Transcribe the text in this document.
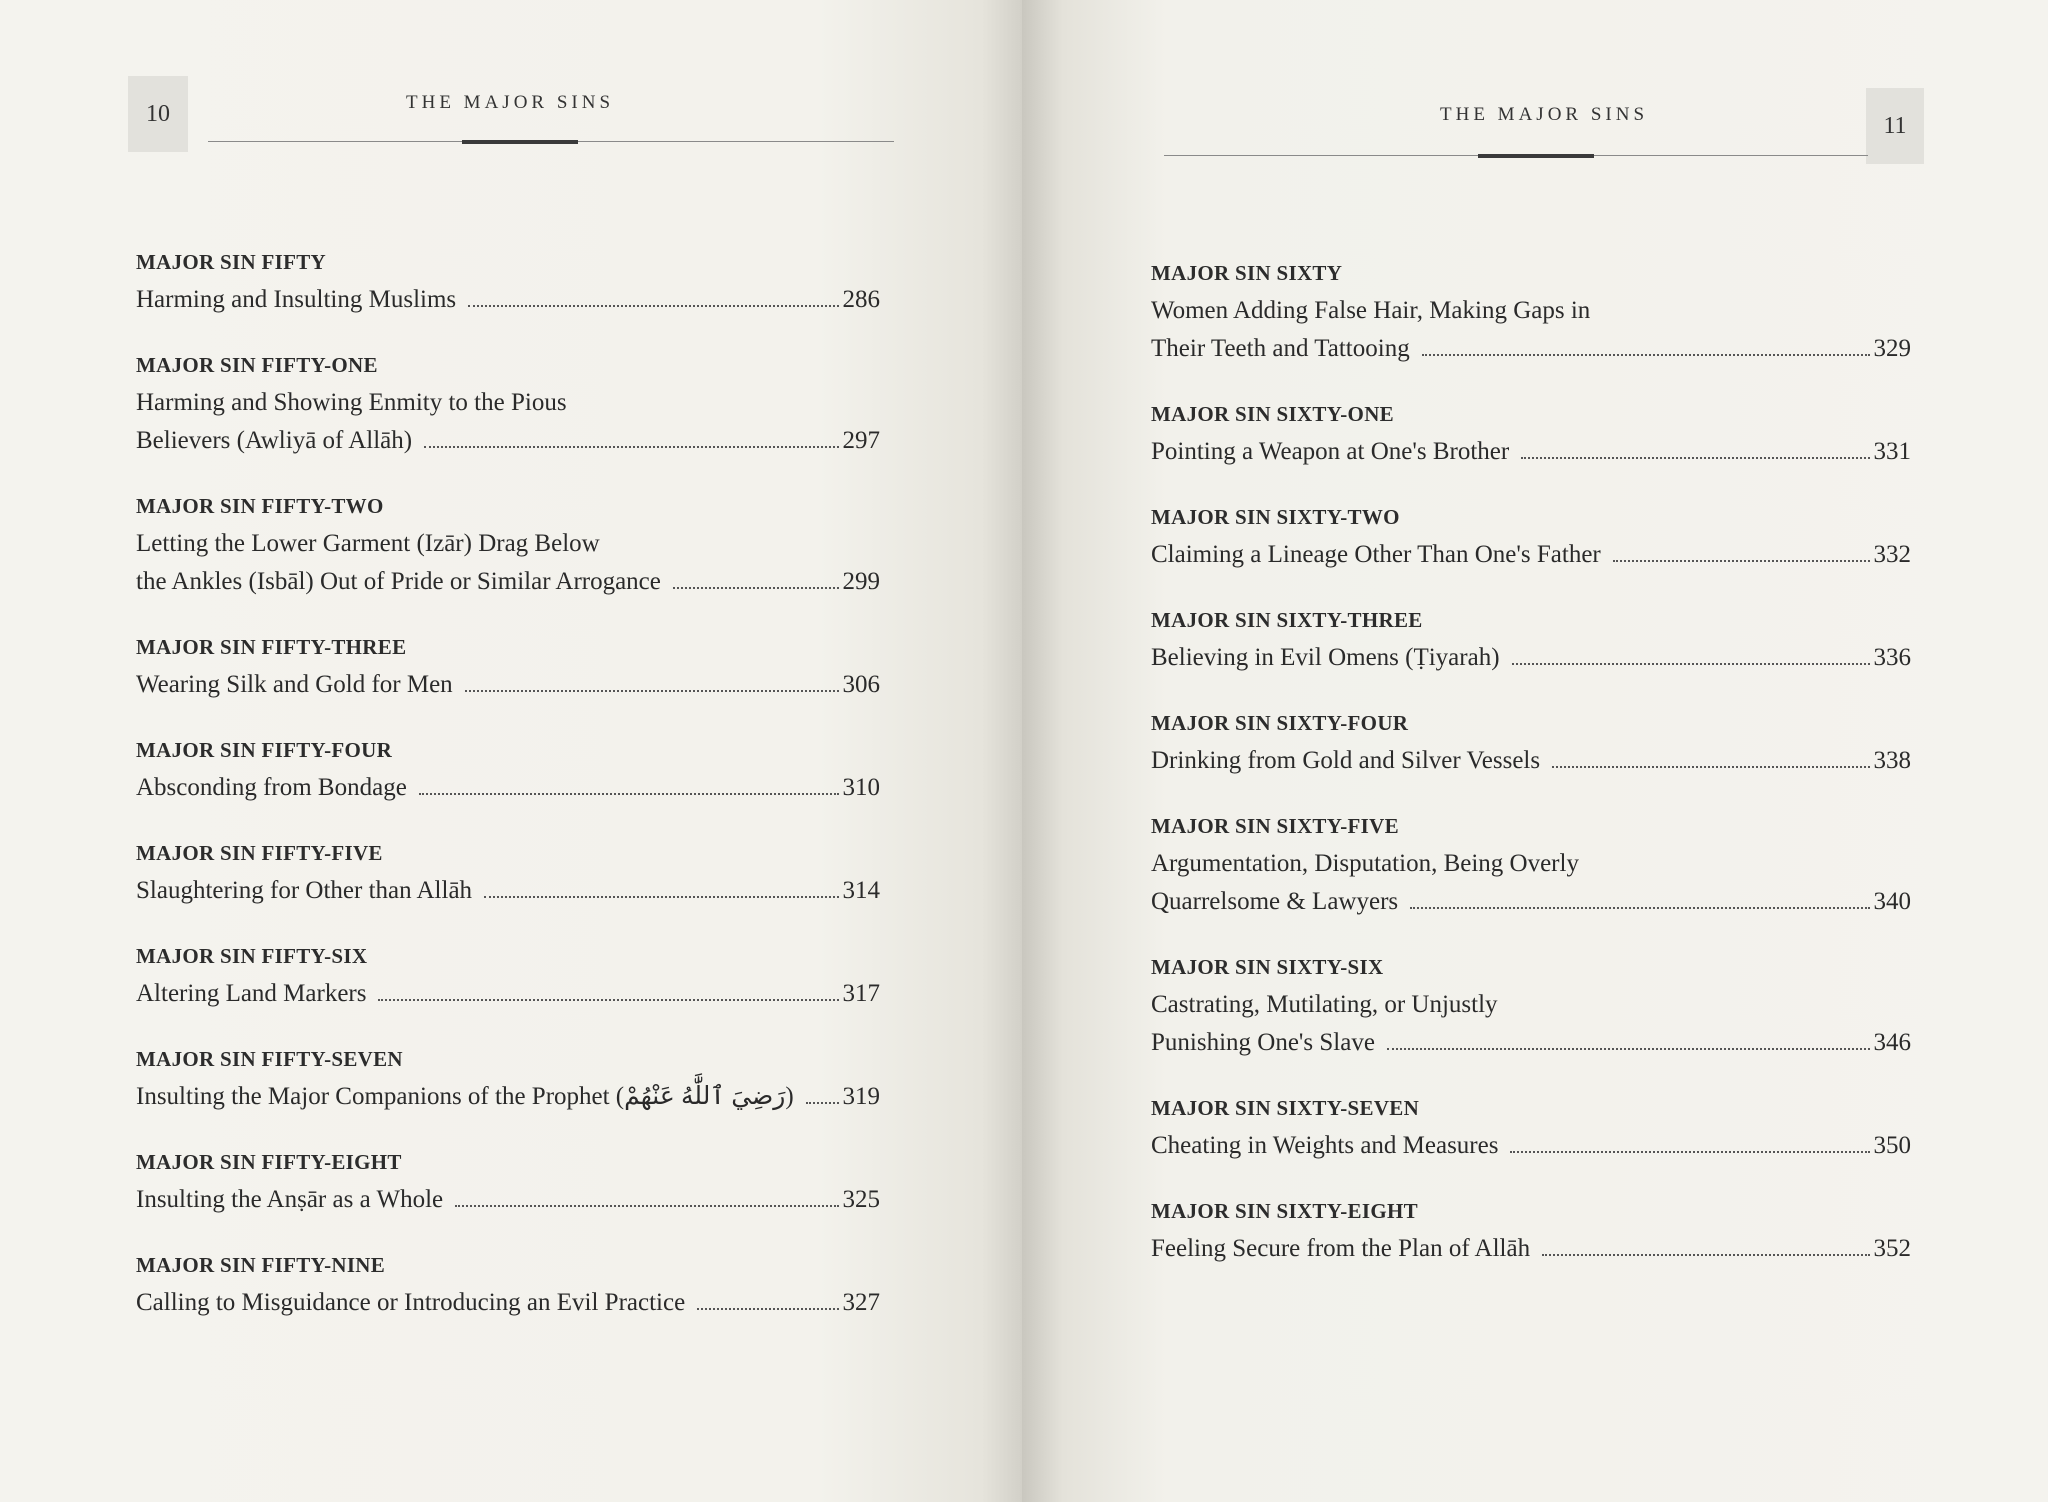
10	THE MAJOR SINS
MAJOR SIN FIFTY
Harming and Insulting Muslims	286
MAJOR SIN FIFTY-ONE
Harming and Showing Enmity to the Pious
Believers (Awliyā of Allāh)	297
MAJOR SIN FIFTY-TWO
Letting the Lower Garment (Izār) Drag Below
the Ankles (Isbāl) Out of Pride or Similar Arrogance	299
MAJOR SIN FIFTY-THREE
Wearing Silk and Gold for Men	306
MAJOR SIN FIFTY-FOUR
Absconding from Bondage	310
MAJOR SIN FIFTY-FIVE
Slaughtering for Other than Allāh	314
MAJOR SIN FIFTY-SIX
Altering Land Markers	317
MAJOR SIN FIFTY-SEVEN
Insulting the Major Companions of the Prophet (رَضِيَ ٱللَّٰهُ عَنْهُمْ) 319
MAJOR SIN FIFTY-EIGHT
Insulting the Anṣār as a Whole	325
MAJOR SIN FIFTY-NINE
Calling to Misguidance or Introducing an Evil Practice	327
11
THE MAJOR SINS
MAJOR SIN SIXTY
Women Adding False Hair, Making Gaps in
Their Teeth and Tattooing	329
MAJOR SIN SIXTY-ONE
Pointing a Weapon at One's Brother	331
MAJOR SIN SIXTY-TWO
Claiming a Lineage Other Than One's Father	332
MAJOR SIN SIXTY-THREE
Believing in Evil Omens (Ṭiyarah)	336
MAJOR SIN SIXTY-FOUR
Drinking from Gold and Silver Vessels	338
MAJOR SIN SIXTY-FIVE
Argumentation, Disputation, Being Overly
Quarrelsome & Lawyers	340
MAJOR SIN SIXTY-SIX
Castrating, Mutilating, or Unjustly
Punishing One's Slave	346
MAJOR SIN SIXTY-SEVEN
Cheating in Weights and Measures	350
MAJOR SIN SIXTY-EIGHT
Feeling Secure from the Plan of Allāh	352
